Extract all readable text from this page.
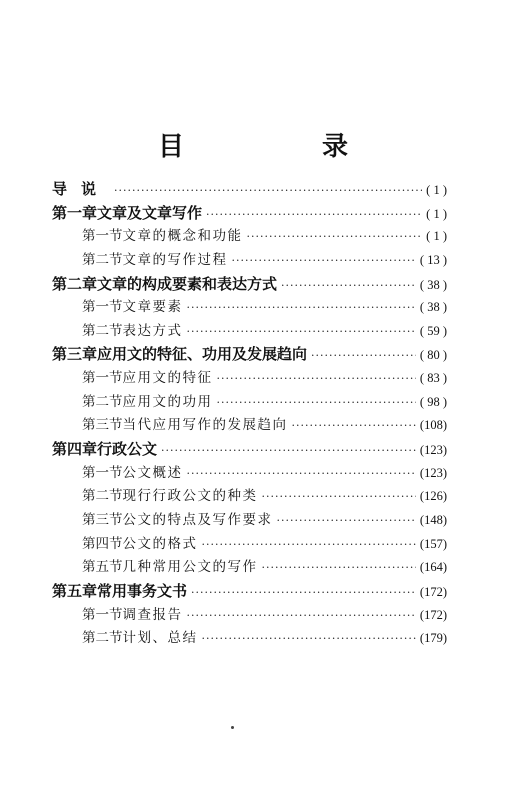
目　录
导说 ·····	( 1 )
第一章 文章及文章写作 ·····	( 1 )
第一节 文章的概念和功能 ·····	( 1 )
第二节 文章的写作过程 ·····	( 13 )
第二章 文章的构成要素和表达方式 ·····	( 38 )
第一节 文章要素 ·····	( 38 )
第二节 表达方式 ·····	( 59 )
第三章 应用文的特征、功用及发展趋向 ·····	( 80 )
第一节 应用文的特征 ·····	( 83 )
第二节 应用文的功用 ·····	( 98 )
第三节 当代应用写作的发展趋向 ·····	(108)
第四章 行政公文 ·····	(123)
第一节 公文概述 ·····	(123)
第二节 现行行政公文的种类 ·····	(126)
第三节 公文的特点及写作要求 ·····	(148)
第四节 公文的格式 ·····	(157)
第五节 几种常用公文的写作 ·····	(164)
第五章 常用事务文书 ·····	(172)
第一节 调查报告 ·····	(172)
第二节 计划、总结 ·····	(179)
